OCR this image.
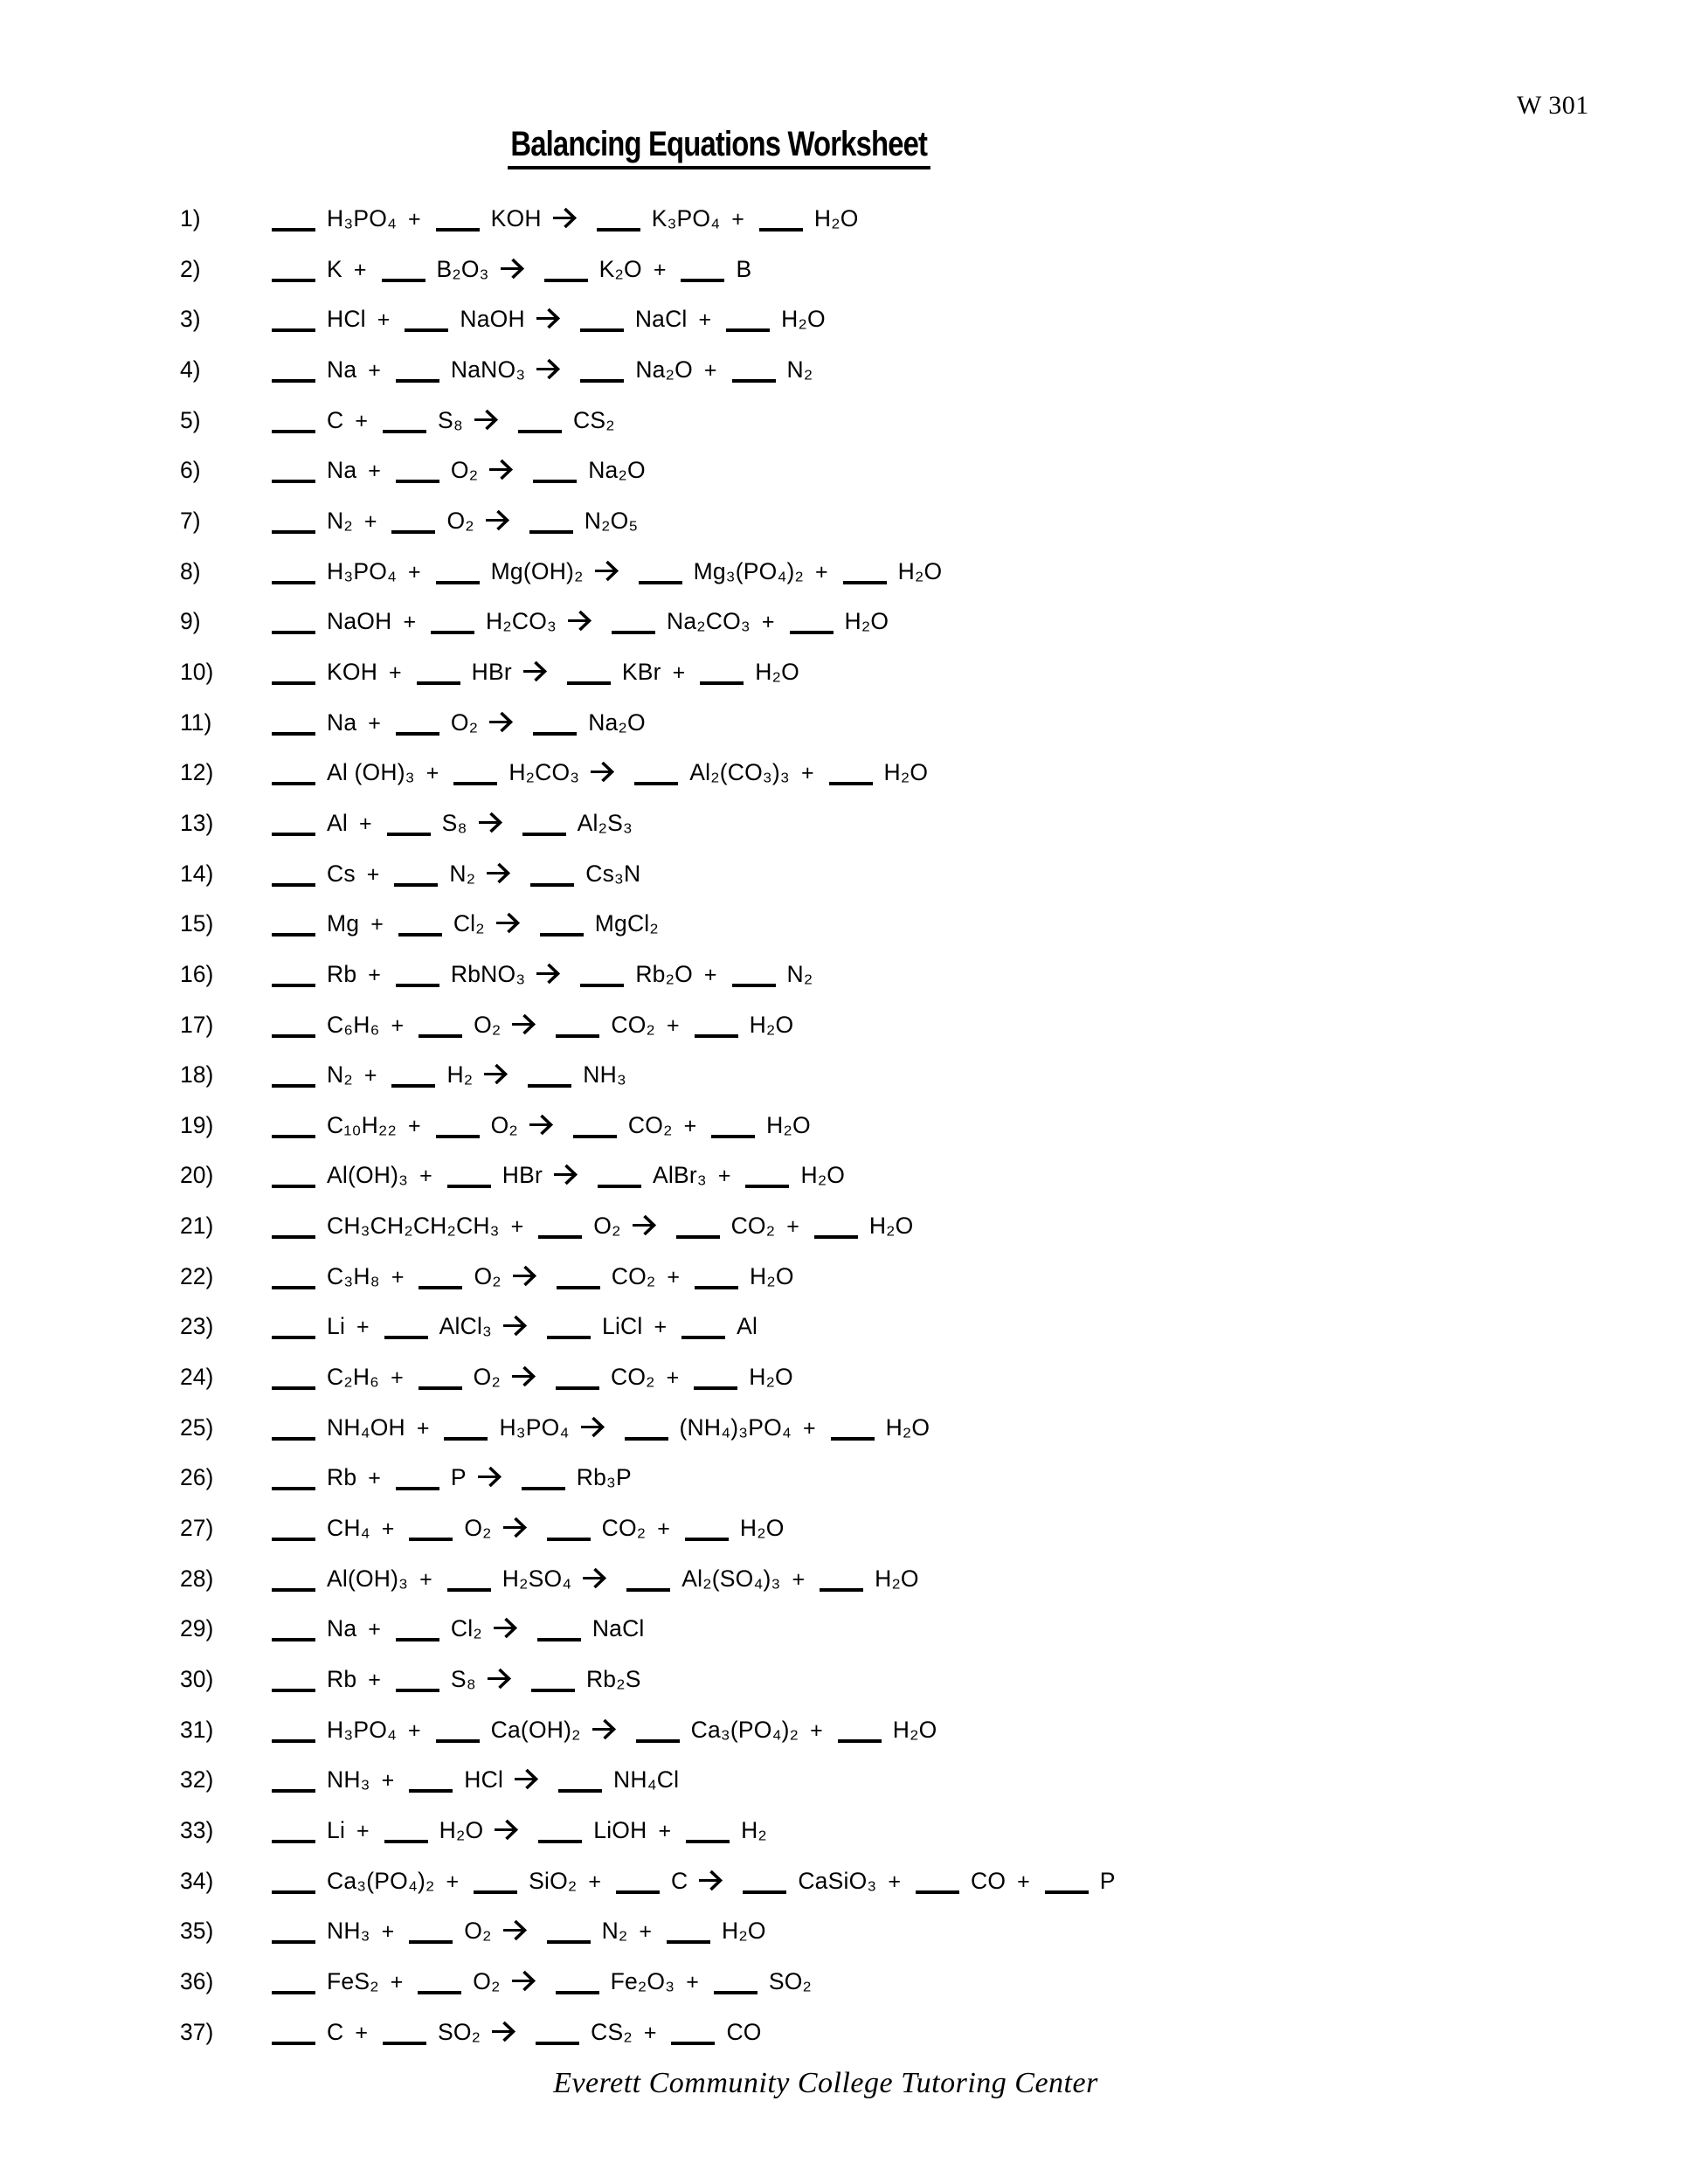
W 301
Balancing Equations Worksheet
1)	H₃PO₄ +	KOH →	K₃PO₄ +	H₂O
2)	K +	B₂O₃ →	K₂O +	B
3)	HCl +	NaOH →	NaCl +	H₂O
4)	Na +	NaNO₃ →	Na₂O +	N₂
5)	C +	S₈ →	CS₂
6)	Na +	O₂ →	Na₂O
7)	N₂ +	O₂ →	N₂O₅
8)	H₃PO₄ +	Mg(OH)₂ →	Mg₃(PO₄)₂ +	H₂O
9)	NaOH +	H₂CO₃ →	Na₂CO₃ +	H₂O
10)	KOH +	HBr →	KBr +	H₂O
11)	Na +	O₂ →	Na₂O
12)	Al (OH)₃ +	H₂CO₃ →	Al₂(CO₃)₃ +	H₂O
13)	Al +	S₈ →	Al₂S₃
14)	Cs +	N₂ →	Cs₃N
15)	Mg +	Cl₂ →	MgCl₂
16)	Rb +	RbNO₃ →	Rb₂O +	N₂
17)	C₆H₆ +	O₂ →	CO₂ +	H₂O
18)	N₂ +	H₂ →	NH₃
19)	C₁₀H₂₂ +	O₂ →	CO₂ +	H₂O
20)	Al(OH)₃ +	HBr →	AlBr₃ +	H₂O
21)	CH₃CH₂CH₂CH₃ +	O₂ →	CO₂ +	H₂O
22)	C₃H₈ +	O₂ →	CO₂ +	H₂O
23)	Li +	AlCl₃ →	LiCl +	Al
24)	C₂H₆ +	O₂ →	CO₂ +	H₂O
25)	NH₄OH +	H₃PO₄ →	(NH₄)₃PO₄ +	H₂O
26)	Rb +	P →	Rb₃P
27)	CH₄ +	O₂ →	CO₂ +	H₂O
28)	Al(OH)₃ +	H₂SO₄ →	Al₂(SO₄)₃ +	H₂O
29)	Na +	Cl₂ →	NaCl
30)	Rb +	S₈ →	Rb₂S
31)	H₃PO₄ +	Ca(OH)₂ →	Ca₃(PO₄)₂ +	H₂O
32)	NH₃ +	HCl →	NH₄Cl
33)	Li +	H₂O →	LiOH +	H₂
34)	Ca₃(PO₄)₂ +	SiO₂ +	C →	CaSiO₃ +	CO +	P
35)	NH₃ +	O₂ →	N₂ +	H₂O
36)	FeS₂ +	O₂ →	Fe₂O₃ +	SO₂
37)	C +	SO₂ →	CS₂ +	CO
Everett Community College Tutoring Center
